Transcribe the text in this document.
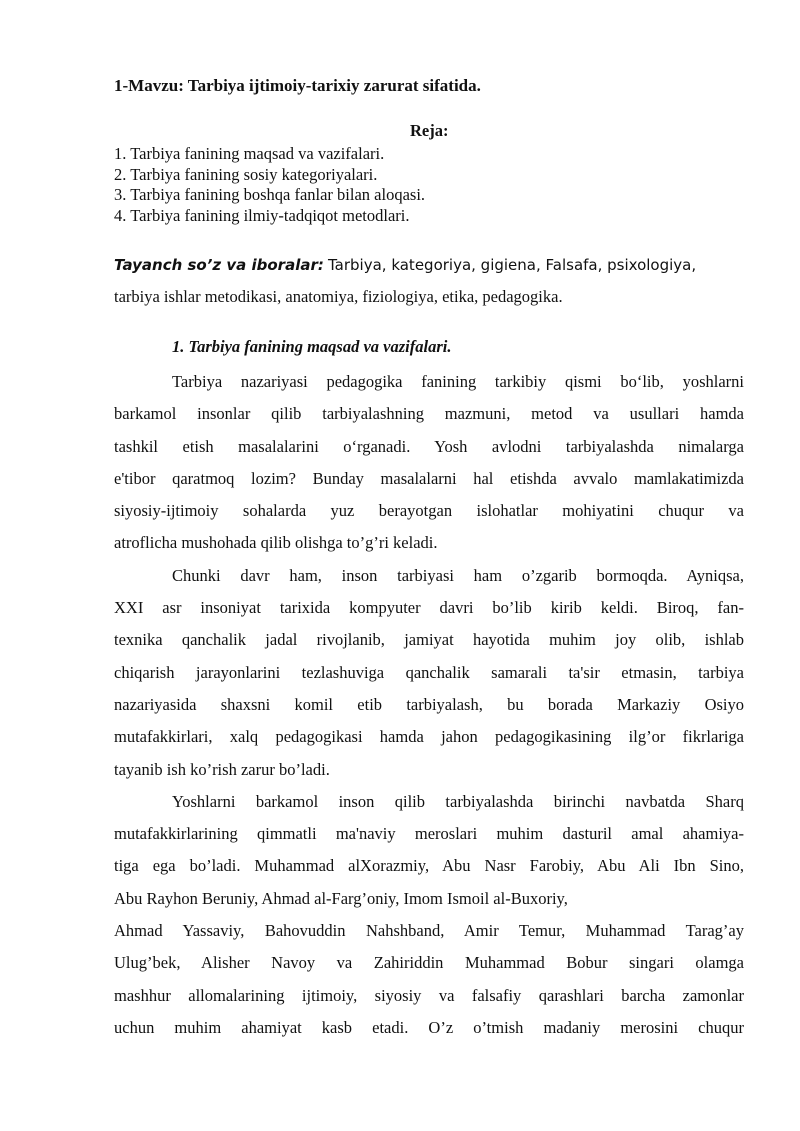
1-Mavzu: Tarbiya ijtimoiy-tarixiy zarurat sifatida.
Reja:
1. Tarbiya fanining maqsad va vazifalari.
2. Tarbiya fanining sosiy kategoriyalari.
3. Tarbiya fanining boshqa fanlar bilan aloqasi.
4. Tarbiya fanining ilmiy-tadqiqot metodlari.
Tayanch so’z va iboralar: Tarbiya, kategoriya, gigiena, Falsafa, psixologiya,
tarbiya ishlar metodikasi, anatomiya, fiziologiya, etika, pedagogika.
1. Tarbiya fanining maqsad va vazifalari.
Tarbiya nazariyasi pedagogika fanining tarkibiy qismi bo‘lib, yoshlarni
barkamol insonlar qilib tarbiyalashning mazmuni, metod va usullari hamda
tashkil etish masalalarini o‘rganadi. Yosh avlodni tarbiyalashda nimalarga
e'tibor qaratmoq lozim? Bunday masalalarni hal etishda avvalo mamlakatimizda
siyosiy-ijtimoiy sohalarda yuz berayotgan islohatlar mohiyatini chuqur va
atroflicha mushohada qilib olishga to’g’ri keladi.
Chunki davr ham, inson tarbiyasi ham o’zgarib bormoqda. Ayniqsa,
XXI asr insoniyat tarixida kompyuter davri bo’lib kirib keldi. Biroq, fan-
texnika qanchalik jadal rivojlanib, jamiyat hayotida muhim joy olib, ishlab
chiqarish jarayonlarini tezlashuviga qanchalik samarali ta'sir etmasin, tarbiya
nazariyasida shaxsni komil etib tarbiyalash, bu borada Markaziy Osiyo
mutafakkirlari, xalq pedagogikasi hamda jahon pedagogikasining ilg’or fikrlariga
tayanib ish ko’rish zarur bo’ladi.
Yoshlarni barkamol inson qilib tarbiyalashda birinchi navbatda Sharq
mutafakkirlarining qimmatli ma'naviy meroslari muhim dasturil amal ahamiya-
tiga ega bo’ladi. Muhammad alXorazmiy, Abu Nasr Farobiy, Abu Ali Ibn Sino,
Abu Rayhon Beruniy, Ahmad al-Farg’oniy, Imom Ismoil al-Buxoriy,
Ahmad Yassaviy, Bahovuddin Nahshband, Amir Temur, Muhammad Tarag’ay
Ulug’bek, Alisher Navoy va Zahiriddin Muhammad Bobur singari olamga
mashhur allomalarining ijtimoiy, siyosiy va falsafiy qarashlari barcha zamonlar
uchun muhim ahamiyat kasb etadi. O’z o’tmish madaniy merosini chuqur
